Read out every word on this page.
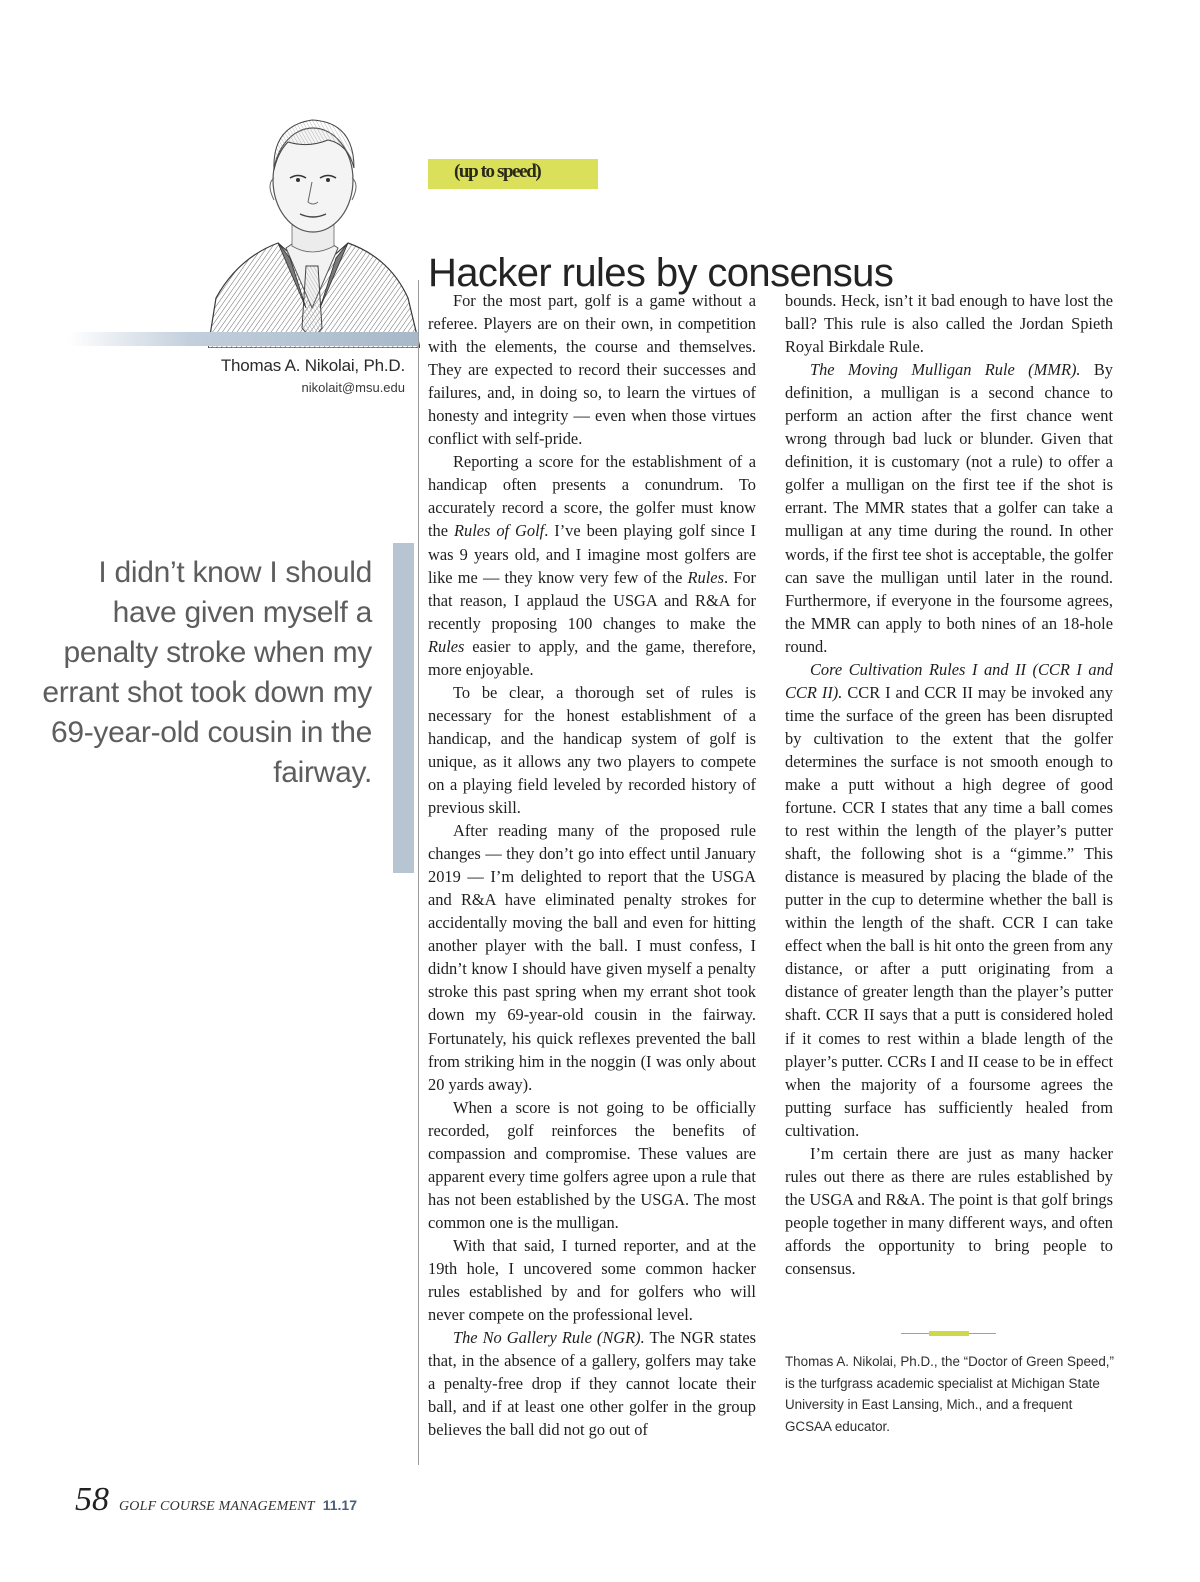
Thomas A. Nikolai, Ph.D.
nikolait@msu.edu
I didn’t know I should have given myself a penalty stroke when my errant shot took down my 69-year-old cousin in the fairway.
(up to speed)
Hacker rules by consensus

For the most part, golf is a game without a referee. Players are on their own, in competition with the elements, the course and themselves. They are expected to record their successes and failures, and, in doing so, to learn the virtues of honesty and integrity — even when those virtues conflict with self-pride.

Reporting a score for the establishment of a handicap often presents a conundrum. To accurately record a score, the golfer must know the Rules of Golf. I’ve been playing golf since I was 9 years old, and I imagine most golfers are like me — they know very few of the Rules. For that reason, I applaud the USGA and R&A for recently proposing 100 changes to make the Rules easier to apply, and the game, therefore, more enjoyable.

To be clear, a thorough set of rules is necessary for the honest establishment of a handicap, and the handicap system of golf is unique, as it allows any two players to compete on a playing field leveled by recorded history of previous skill.

After reading many of the proposed rule changes — they don’t go into effect until January 2019 — I’m delighted to report that the USGA and R&A have eliminated penalty strokes for accidentally moving the ball and even for hitting another player with the ball. I must confess, I didn’t know I should have given myself a penalty stroke this past spring when my errant shot took down my 69-year-old cousin in the fairway. Fortunately, his quick reflexes prevented the ball from striking him in the noggin (I was only about 20 yards away).

When a score is not going to be officially recorded, golf reinforces the benefits of compassion and compromise. These values are apparent every time golfers agree upon a rule that has not been established by the USGA. The most common one is the mulligan.

With that said, I turned reporter, and at the 19th hole, I uncovered some common hacker rules established by and for golfers who will never compete on the professional level.

The No Gallery Rule (NGR). The NGR states that, in the absence of a gallery, golfers may take a penalty-free drop if they cannot locate their ball, and if at least one other golfer in the group believes the ball did not go out of

bounds. Heck, isn’t it bad enough to have lost the ball? This rule is also called the Jordan Spieth Royal Birkdale Rule.

The Moving Mulligan Rule (MMR). By definition, a mulligan is a second chance to perform an action after the first chance went wrong through bad luck or blunder. Given that definition, it is customary (not a rule) to offer a golfer a mulligan on the first tee if the shot is errant. The MMR states that a golfer can take a mulligan at any time during the round. In other words, if the first tee shot is acceptable, the golfer can save the mulligan until later in the round. Furthermore, if everyone in the foursome agrees, the MMR can apply to both nines of an 18-hole round.

Core Cultivation Rules I and II (CCR I and CCR II). CCR I and CCR II may be invoked any time the surface of the green has been disrupted by cultivation to the extent that the golfer determines the surface is not smooth enough to make a putt without a high degree of good fortune. CCR I states that any time a ball comes to rest within the length of the player’s putter shaft, the following shot is a “gimme.” This distance is measured by placing the blade of the putter in the cup to determine whether the ball is within the length of the shaft. CCR I can take effect when the ball is hit onto the green from any distance, or after a putt originating from a distance of greater length than the player’s putter shaft. CCR II says that a putt is considered holed if it comes to rest within a blade length of the player’s putter. CCRs I and II cease to be in effect when the majority of a foursome agrees the putting surface has sufficiently healed from cultivation.

I’m certain there are just as many hacker rules out there as there are rules established by the USGA and R&A. The point is that golf brings people together in many different ways, and often affords the opportunity to bring people to consensus.

Thomas A. Nikolai, Ph.D., the “Doctor of Green Speed,” is the turfgrass academic specialist at Michigan State University in East Lansing, Mich., and a frequent GCSAA educator.
58 GOLF COURSE MANAGEMENT 11.17
